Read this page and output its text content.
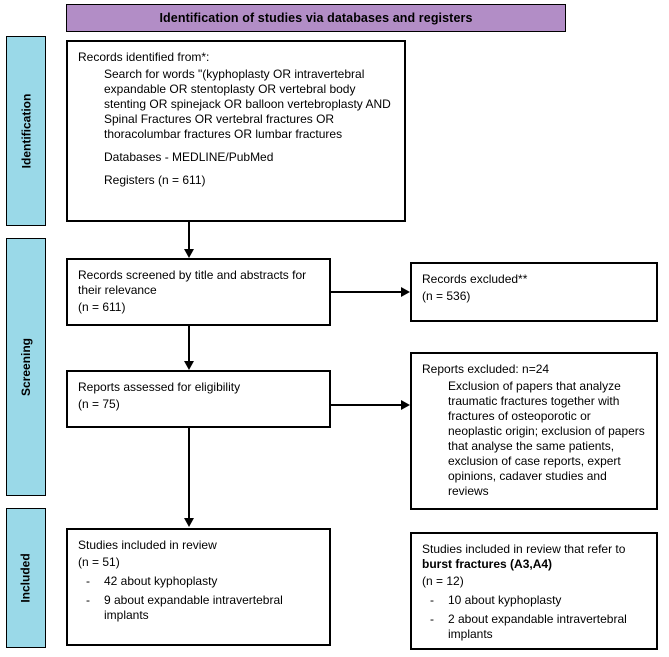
Identification of studies via databases and registers
Identification
Screening
Included

Records identified from*:

Search for words "(kyphoplasty OR intravertebral expandable OR stentoplasty OR vertebral body stenting OR spinejack OR balloon vertebroplasty AND Spinal Fractures OR vertebral fractures OR thoracolumbar fractures OR lumbar fractures

Databases - MEDLINE/PubMed

Registers (n = 611)

Records screened by title and abstracts for their relevance

(n = 611)

Records excluded**

(n = 536)

Reports assessed for eligibility

(n = 75)

Reports excluded: n=24

Exclusion of papers that analyze traumatic fractures together with fractures of osteoporotic or neoplastic origin; exclusion of papers that analyse the same patients, exclusion of case reports, expert opinions, cadaver studies and reviews

Studies included in review

(n = 51)

- 42 about kyphoplasty

- 9 about expandable intravertebral implants

Studies included in review that refer to burst fractures (A3,A4)

(n = 12)

- 10 about kyphoplasty

- 2 about expandable intravertebral implants
